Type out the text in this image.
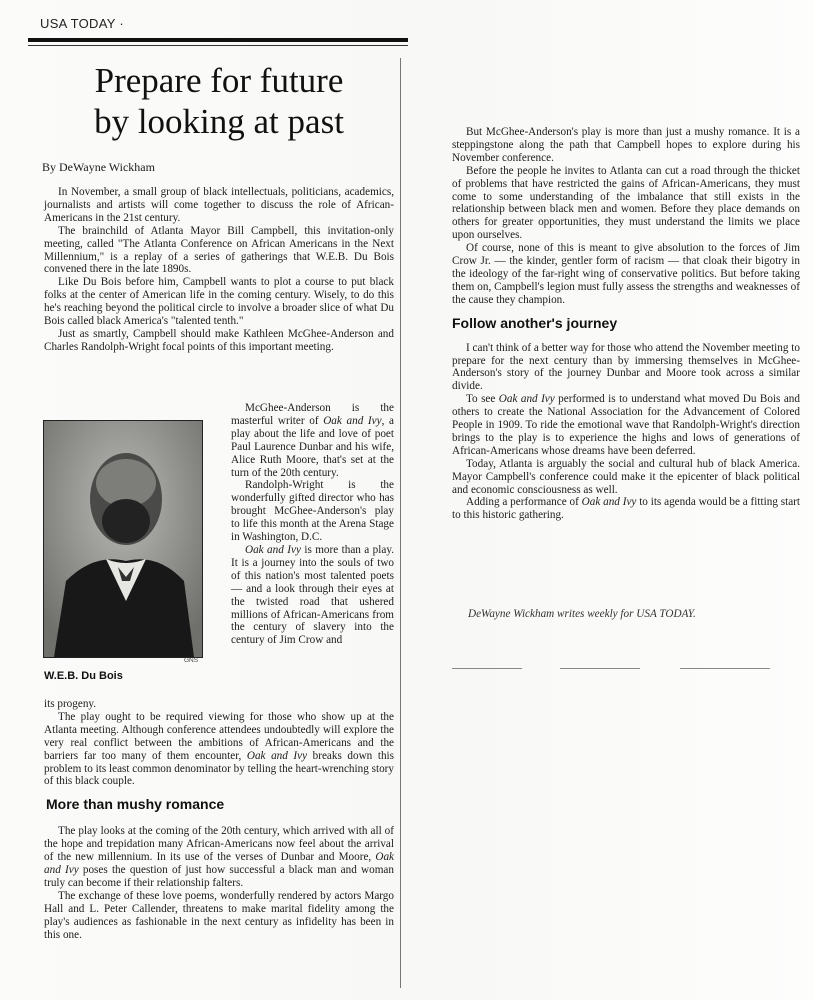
USA TODAY ·
Prepare for future
by looking at past
By DeWayne Wickham

In November, a small group of black intellectuals, politicians, academics, journalists and artists will come together to discuss the role of African-Americans in the 21st century.

The brainchild of Atlanta Mayor Bill Campbell, this invitation-only meeting, called "The Atlanta Conference on African Americans in the Next Millennium," is a replay of a series of gatherings that W.E.B. Du Bois convened there in the late 1890s.

Like Du Bois before him, Campbell wants to plot a course to put black folks at the center of American life in the coming century. Wisely, to do this he's reaching beyond the political circle to involve a broader slice of what Du Bois called black America's "talented tenth."

Just as smartly, Campbell should make Kathleen McGhee-Anderson and Charles Randolph-Wright focal points of this important meeting.

GNS
W.E.B. Du Bois

McGhee-Anderson is the masterful writer of Oak and Ivy, a play about the life and love of poet Paul Laurence Dunbar and his wife, Alice Ruth Moore, that's set at the turn of the 20th century.

Randolph-Wright is the wonderfully gifted director who has brought McGhee-Anderson's play to life this month at the Arena Stage in Washington, D.C.

Oak and Ivy is more than a play. It is a journey into the souls of two of this nation's most talented poets — and a look through their eyes at the twisted road that ushered millions of African-Americans from the century of slavery into the century of Jim Crow and

its progeny.

The play ought to be required viewing for those who show up at the Atlanta meeting. Although conference attendees undoubtedly will explore the very real conflict between the ambitions of African-Americans and the barriers far too many of them encounter, Oak and Ivy breaks down this problem to its least common denominator by telling the heart-wrenching story of this black couple.

More than mushy romance

The play looks at the coming of the 20th century, which arrived with all of the hope and trepidation many African-Americans now feel about the arrival of the new millennium. In its use of the verses of Dunbar and Moore, Oak and Ivy poses the question of just how successful a black man and woman truly can become if their relationship falters.

The exchange of these love poems, wonderfully rendered by actors Margo Hall and L. Peter Callender, threatens to make marital fidelity among the play's audiences as fashionable in the next century as infidelity has been in this one.

But McGhee-Anderson's play is more than just a mushy romance. It is a steppingstone along the path that Campbell hopes to explore during his November conference.

Before the people he invites to Atlanta can cut a road through the thicket of problems that have restricted the gains of African-Americans, they must come to some understanding of the imbalance that still exists in the relationship between black men and women. Before they place demands on others for greater opportunities, they must understand the limits we place upon ourselves.

Of course, none of this is meant to give absolution to the forces of Jim Crow Jr. — the kinder, gentler form of racism — that cloak their bigotry in the ideology of the far-right wing of conservative politics. But before taking them on, Campbell's legion must fully assess the strengths and weaknesses of the cause they champion.

Follow another's journey

I can't think of a better way for those who attend the November meeting to prepare for the next century than by immersing themselves in McGhee-Anderson's story of the journey Dunbar and Moore took across a similar divide.

To see Oak and Ivy performed is to understand what moved Du Bois and others to create the National Association for the Advancement of Colored People in 1909. To ride the emotional wave that Randolph-Wright's direction brings to the play is to experience the highs and lows of generations of African-Americans whose dreams have been deferred.

Today, Atlanta is arguably the social and cultural hub of black America. Mayor Campbell's conference could make it the epicenter of black political and economic consciousness as well.

Adding a performance of Oak and Ivy to its agenda would be a fitting start to this historic gathering.

DeWayne Wickham writes weekly for USA TODAY.
